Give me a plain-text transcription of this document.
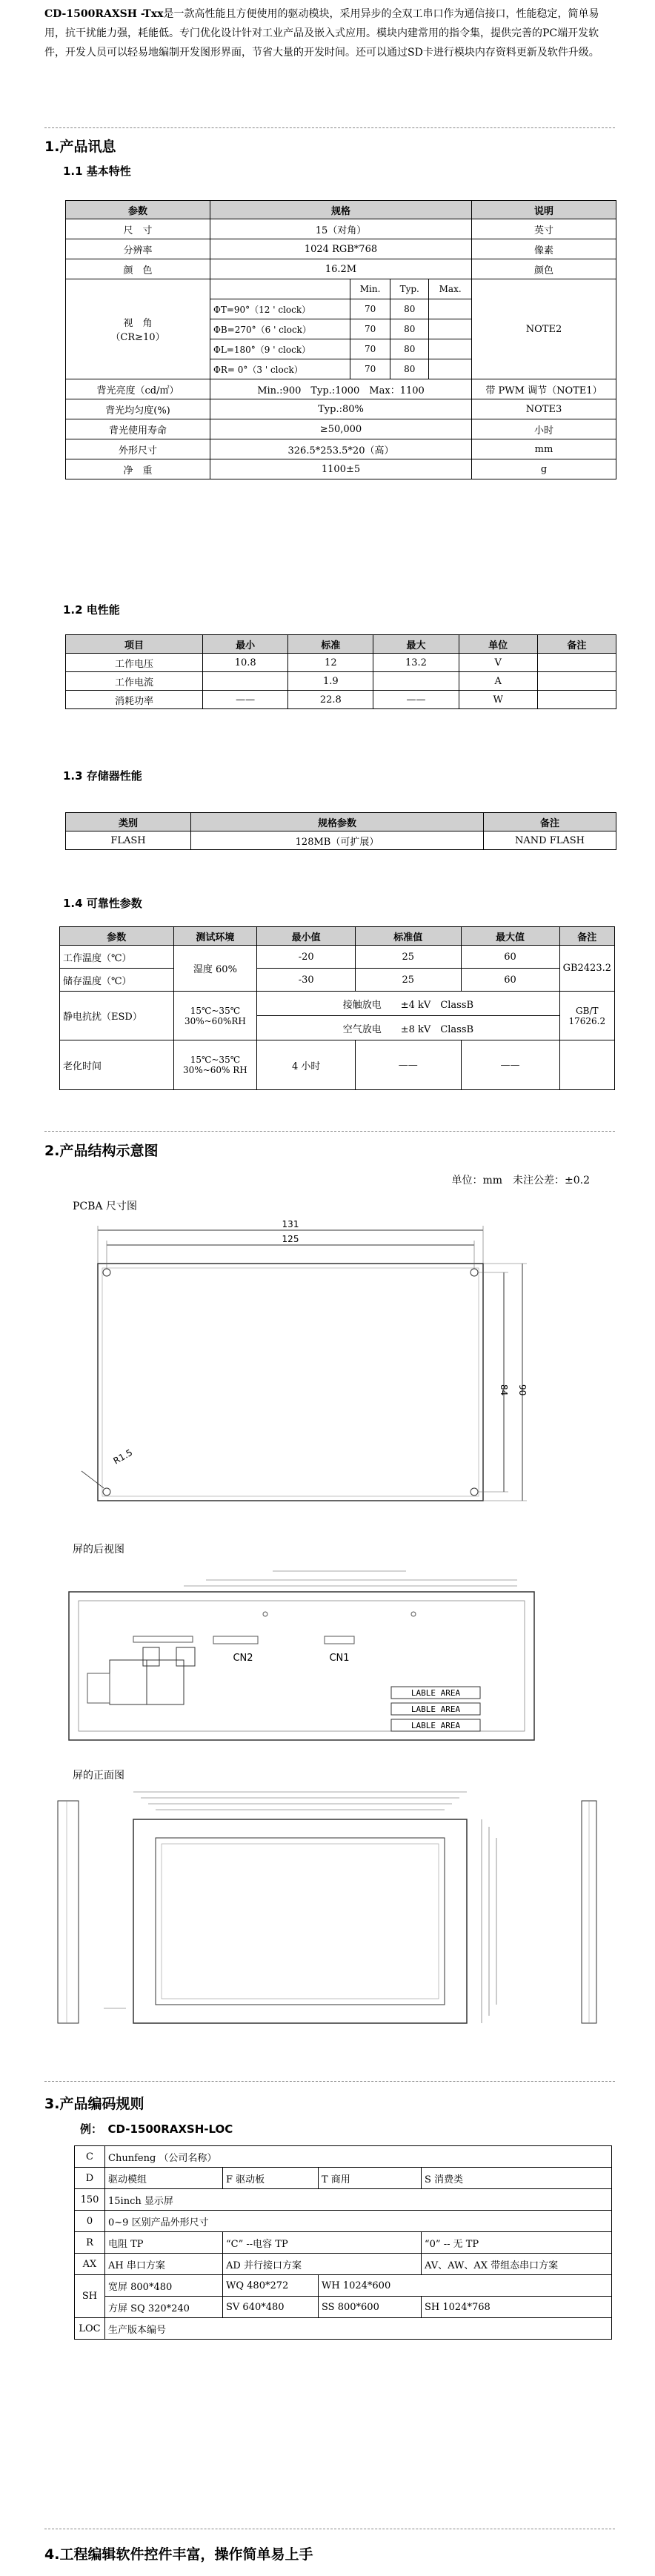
CD-1500RAXSH -Txx是一款高性能且方便使用的驱动模块，采用异步的全双工串口作为通信接口，性能稳定，简单易用，抗干扰能力强，耗能低。专门优化设计针对工业产品及嵌入式应用。模块内建常用的指令集，提供完善的PC端开发软件，开发人员可以轻易地编制开发图形界面，节省大量的开发时间。还可以通过SD卡进行模块内存资料更新及软件升级。
1.产品讯息
1.1 基本特性
参数	规格				说明
尺　寸	15（对角）				英寸
分辨率	1024 RGB*768				像素
颜　色	16.2M				颜色

视　角
（CR≥10）		Min.	Typ.	Max.	NOTE2
	ΦT=90°（12 ' clock）	70	80		
	ΦB=270°（6 ' clock）	70	80		
	ΦL=180°（9 ' clock）	70	80		
	ΦR= 0°（3 ' clock）	70	80		
背光亮度（cd/㎡）	Min.:900　Typ.:1000　Max：1100				带 PWM 调节（NOTE1）
背光均匀度(%)	Typ.:80%				NOTE3
背光使用寿命	≥50,000				小时
外形尺寸	326.5*253.5*20（高）				mm
净　重	1100±5				g
1.2 电性能
项目	最小	标准	最大	单位	备注
工作电压	10.8	12	13.2	V	
工作电流		1.9		A	
消耗功率	——	22.8	——	W	
1.3 存储器性能
类别	规格参数	备注
FLASH	128MB（可扩展）	NAND FLASH
1.4 可靠性参数
参数	测试环境	最小值	标准值	最大值	备注
工作温度（℃）	湿度 60%	-20	25	60	GB2423.2
储存温度（℃）		-30	25	60	
静电抗扰（ESD）	15℃~35℃
30%~60%RH	接触放电　　±4 kV　ClassB			GB/T 17626.2
		空气放电　　±8 kV　ClassB			
老化时间	15℃~35℃
30%~60% RH	4 小时	——	——	
2.产品结构示意图
单位：mm　未注公差：±0.2
PCBA 尺寸图
131
125
84 90
R1.5
屏的后视图
CN2	CN1
LABLE AREA
LABLE AREA
LABLE AREA
屏的正面图
3.产品编码规则
例：　CD-1500RAXSH-LOC
C	Chunfeng （公司名称）			
D	驱动模组	F 驱动板	T 商用	S 消费类
150	15inch 显示屏			
0	0~9 区别产品外形尺寸			
R	电阻 TP	“C” --电容 TP		“0” -- 无 TP
AX	AH 串口方案	AD 并行接口方案		AV、AW、AX 带组态串口方案
SH	宽屏 800*480	WQ 480*272	WH 1024*600	
	方屏 SQ 320*240	SV 640*480	SS 800*600	SH 1024*768
LOC	生产版本编号			
4.工程编辑软件控件丰富，操作简单易上手
